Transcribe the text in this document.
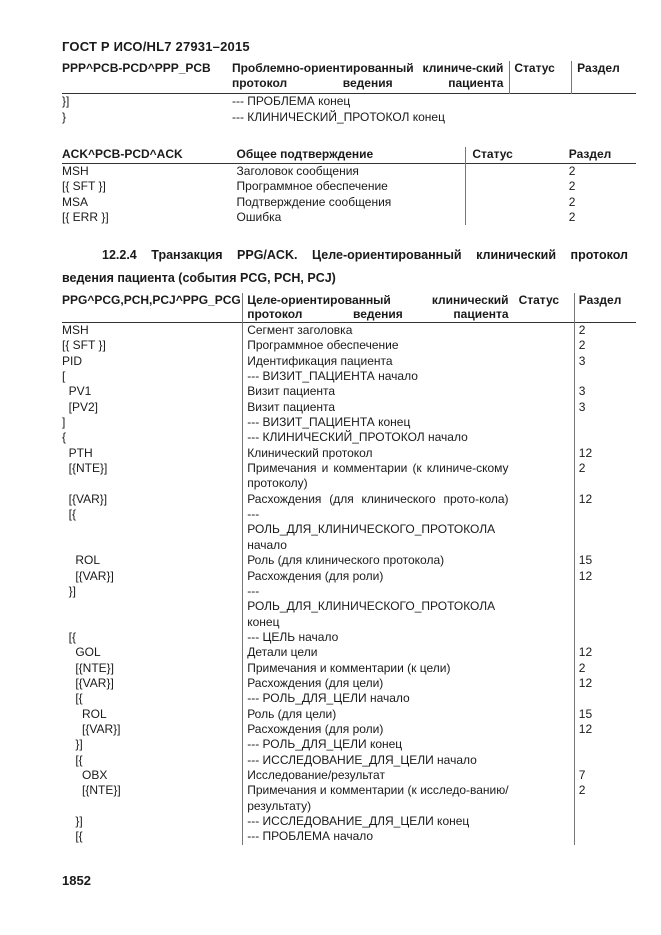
ГОСТ Р ИСО/HL7 27931–2015
PPP^PCB-PCD^PPP_PCB	Проблемно-ориентированный клиниче-ский протокол ведения пациента	Статус	Раздел
}]	--- ПРОБЛЕМА конец		
}	--- КЛИНИЧЕСКИЙ_ПРОТОКОЛ конец		
ACK^PCB-PCD^ACK	Общее подтверждение	Статус	Раздел
MSH	Заголовок сообщения		2
[{ SFT }]	Программное обеспечение		2
MSA	Подтверждение сообщения		2
[{ ERR }]	Ошибка		2
12.2.4 Транзакция PPG/ACK. Целе-ориентированный клинический протокол ведения пациента (события PCG, PCH, PCJ)
PPG^PCG,PCH,PCJ^PPG_PCG	Целе-ориентированный клинический протокол ведения пациента	Статус	Раздел
MSH	Сегмент заголовка		2
[{ SFT }]	Программное обеспечение		2
PID	Идентификация пациента		3
[	--- ВИЗИТ_ПАЦИЕНТА начало		
PV1	Визит пациента		3
[PV2]	Визит пациента		3
]	--- ВИЗИТ_ПАЦИЕНТА конец		
{	--- КЛИНИЧЕСКИЙ_ПРОТОКОЛ начало		
PTH	Клинический протокол		12
[{NTE}]	Примечания и комментарии (к клиниче-скому протоколу)		2
[{VAR}]	Расхождения (для клинического прото-кола)		12
[{	--- РОЛЬ_ДЛЯ_КЛИНИЧЕСКОГО_ПРОТОКОЛА начало		
ROL	Роль (для клинического протокола)		15
[{VAR}]	Расхождения (для роли)		12
}]	--- РОЛЬ_ДЛЯ_КЛИНИЧЕСКОГО_ПРОТОКОЛА конец		
[{	--- ЦЕЛЬ начало		
GOL	Детали цели		12
[{NTE}]	Примечания и комментарии (к цели)		2
[{VAR}]	Расхождения (для цели)		12
[{	--- РОЛЬ_ДЛЯ_ЦЕЛИ начало		
ROL	Роль (для цели)		15
[{VAR}]	Расхождения (для роли)		12
}]	--- РОЛЬ_ДЛЯ_ЦЕЛИ конец		
[{	--- ИССЛЕДОВАНИЕ_ДЛЯ_ЦЕЛИ начало		
OBX	Исследование/результат		7
[{NTE}]	Примечания и комментарии (к исследо-ванию/результату)		2
}]	--- ИССЛЕДОВАНИЕ_ДЛЯ_ЦЕЛИ конец		
[{	--- ПРОБЛЕМА начало		
1852
